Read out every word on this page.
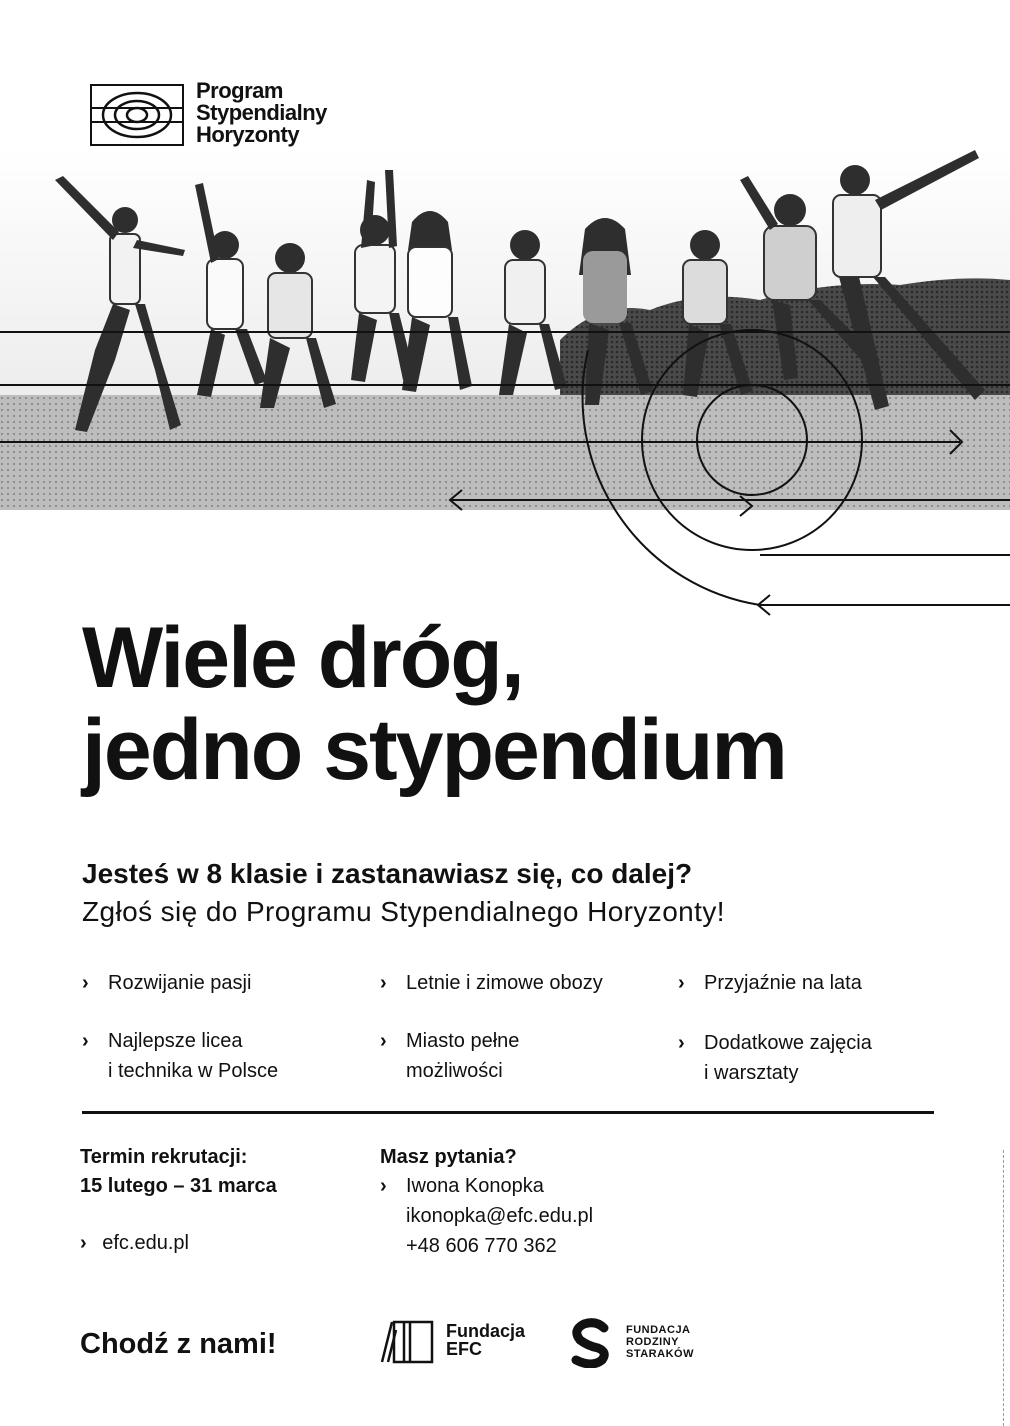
Program
Stypendialny
Horyzonty
Wiele dróg,
jedno stypendium
Jesteś w 8 klasie i zastanawiasz się, co dalej?
Zgłoś się do Programu Stypendialnego Horyzonty!
› Rozwijanie pasji	› Letnie i zimowe obozy	› Przyjaźnie na lata
› Najlepsze licea
i technika w Polsce
› Miasto pełne
możliwości
› Dodatkowe zajęcia
i warsztaty
Termin rekrutacji:
15 lutego – 31 marca
› efc.edu.pl
Masz pytania?
› Iwona Konopka
ikonopka@efc.edu.pl
+48 606 770 362
Chodź z nami!	Fundacja
EFC
FUNDACJA
RODZINY
STARAKÓW
